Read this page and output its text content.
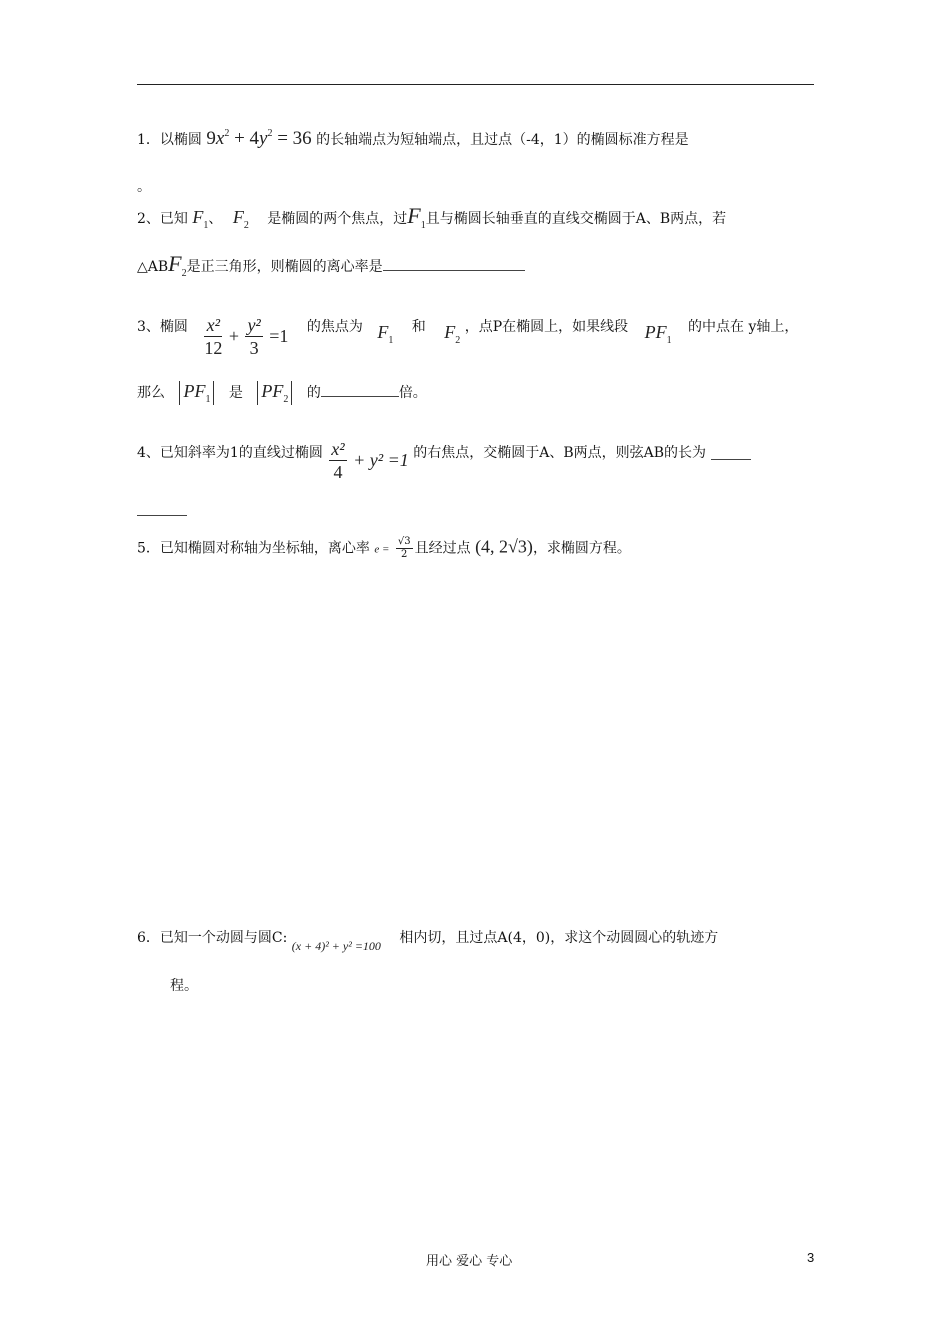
1．以椭圆 $9x^2 + 4y^2 = 36$ 的长轴端点为短轴端点，且过点（-4，1）的椭圆标准方程是
。
2、已知 $F_1$、 $F_2$ 是椭圆的两个焦点，过$F_1$且与椭圆长轴垂直的直线交椭圆于A、B两点，若
$\triangle ABF_2$是正三角形，则椭圆的离心率是
3、椭圆 $\frac{\text{x²}}{12} + \frac{\text{y²}}{3} =1$ 的焦点为 $F_1$ 和 $F_2$ ，点P在椭圆上，如果线段 $PF_1$ 的中点在 y轴上，
那么 $PF_1$ 是 $PF_2$ 的	倍。
4、已知斜率为1的直线过椭圆 $\frac{\text{x²}}{4} + y^2 =1$ 的右焦点，交椭圆于A、B两点，则弦AB的长为
5．已知椭圆对称轴为坐标轴，离心率 $e = \frac{√3}{2}$ 且经过点 (4, 2√3)，求椭圆方程。
6．已知一个动圆与圆C: (x + 4)² + y² =100 相内切，且过点A(4，0)，求这个动圆圆心的轨迹方
程。
用心 爱心 专心	3
